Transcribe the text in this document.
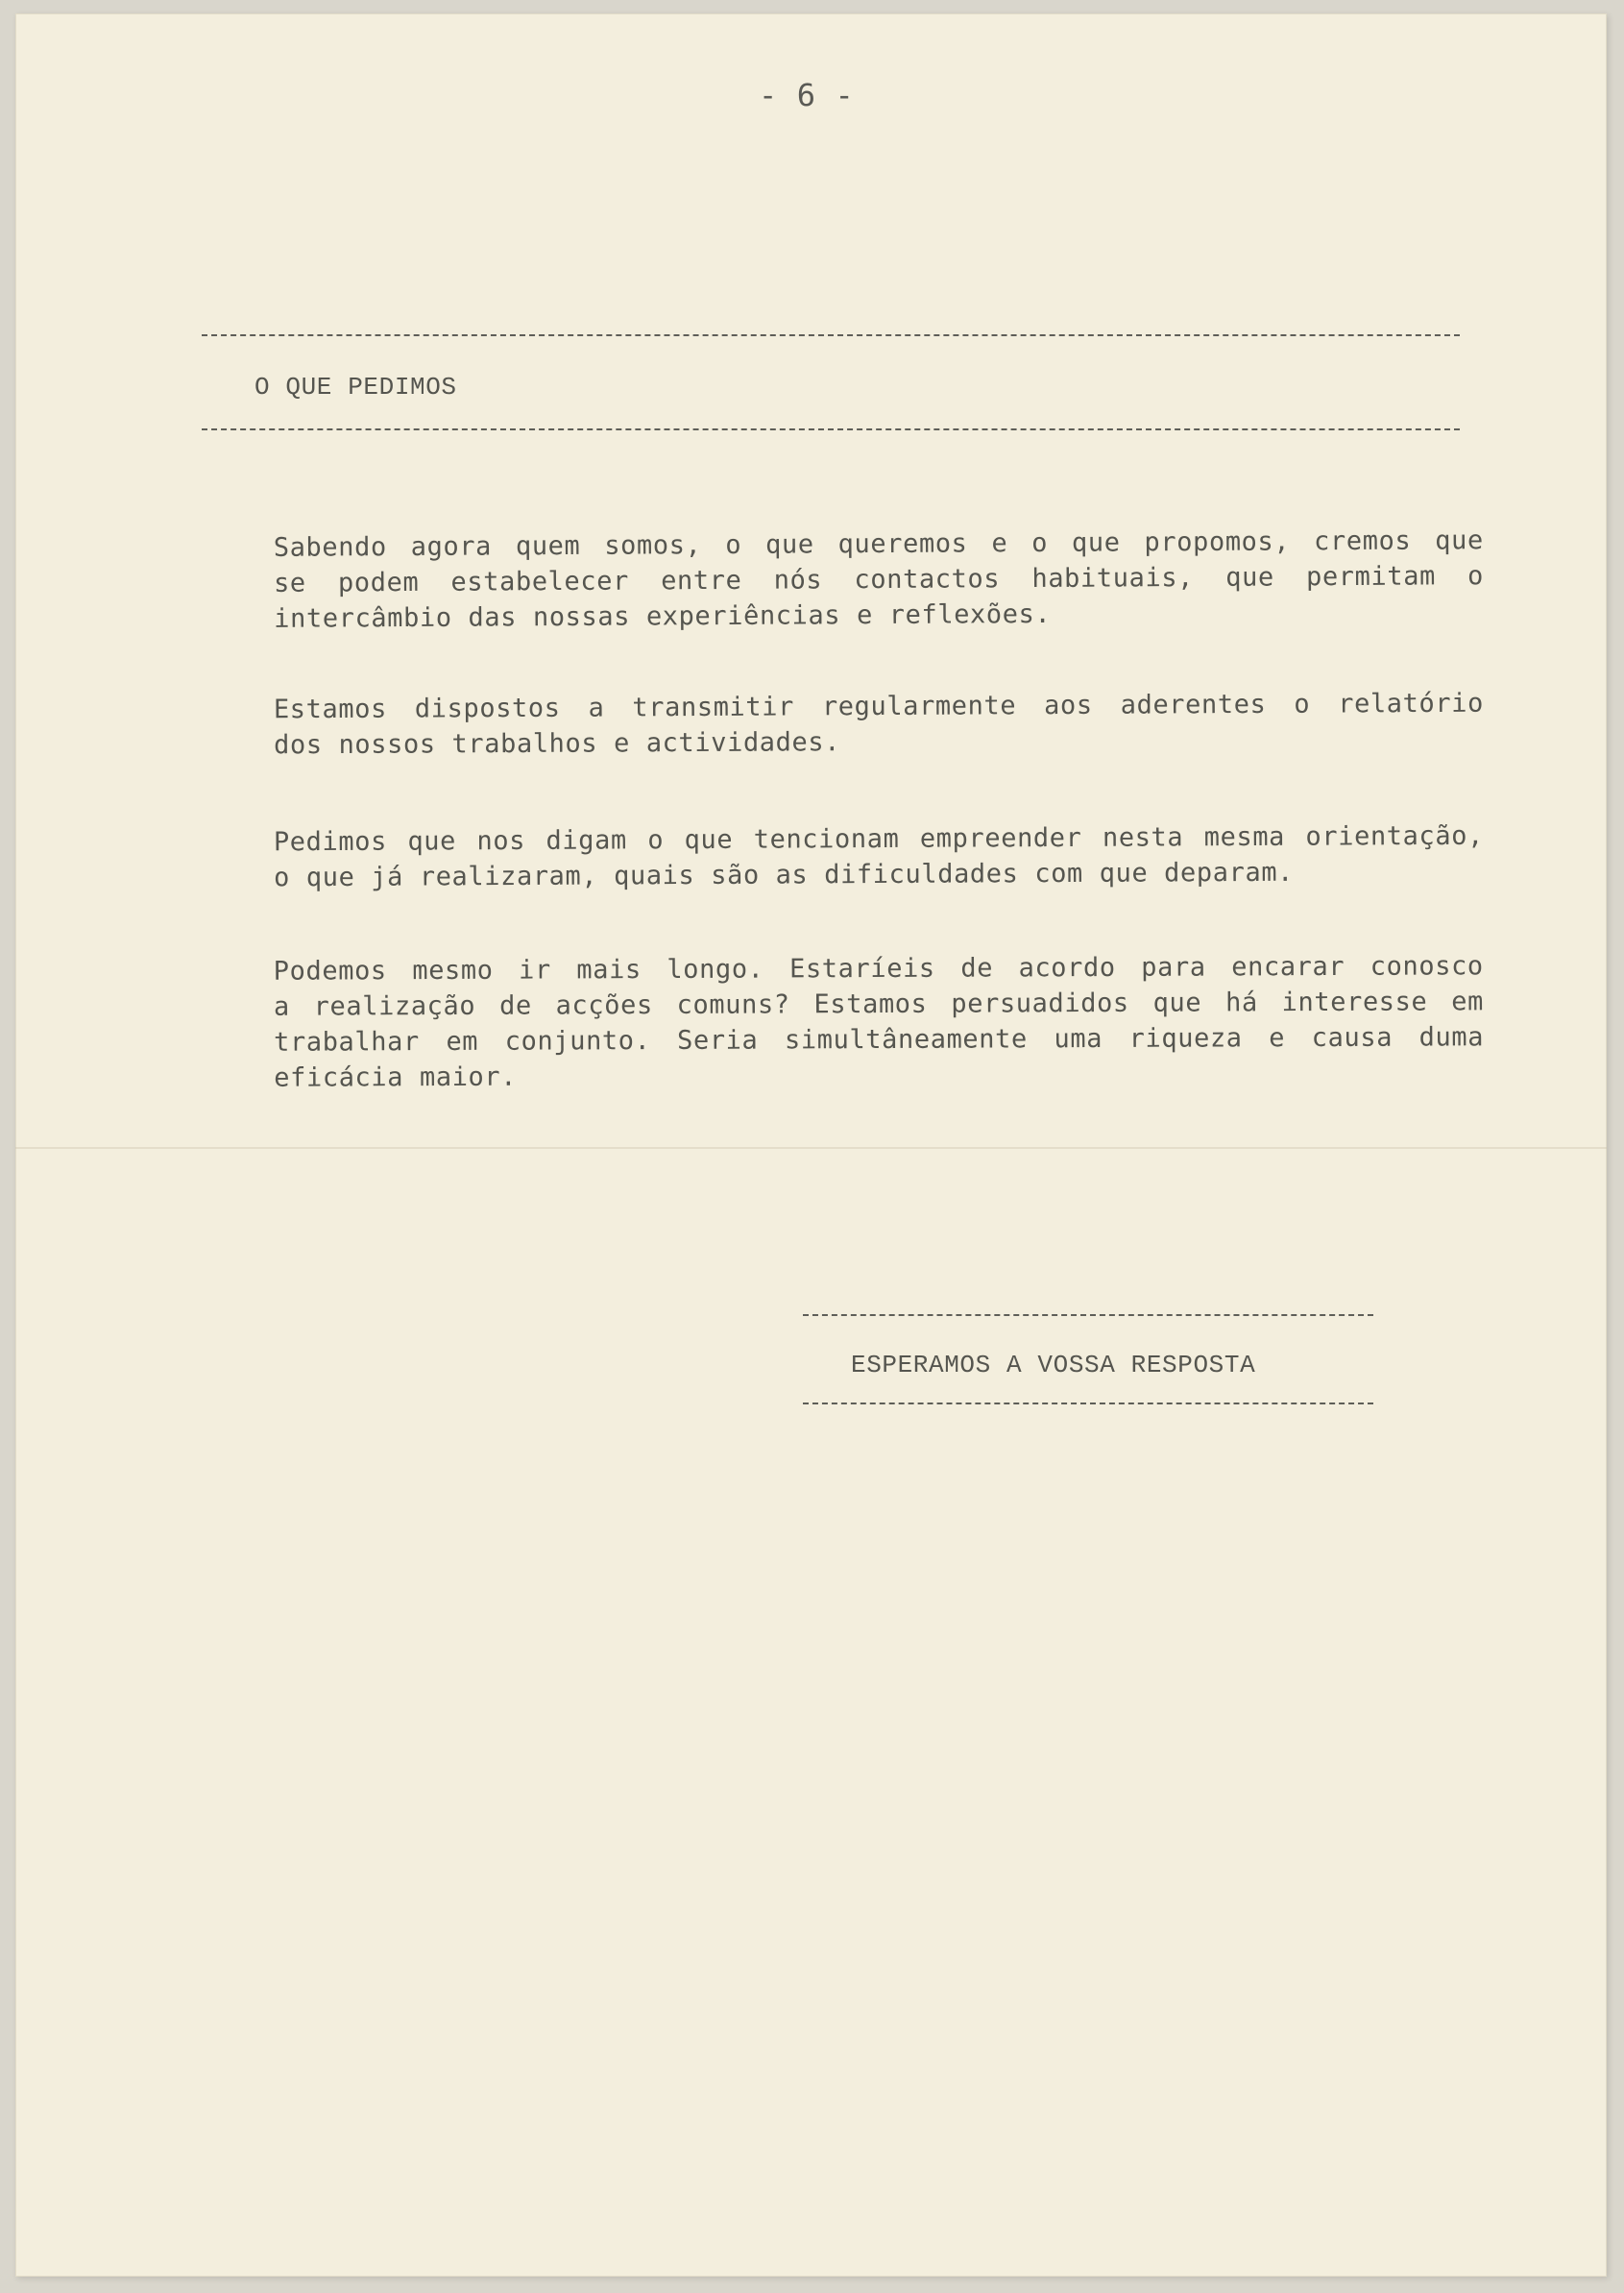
- 6 -
O QUE PEDIMOS
Sabendo agora quem somos, o que queremos e o que propomos, cremos que
se podem estabelecer entre nós contactos habituais, que permitam o
intercâmbio das nossas experiências e reflexões.
Estamos dispostos a transmitir regularmente aos aderentes o relatório
dos nossos trabalhos e actividades.
Pedimos que nos digam o que tencionam empreender nesta mesma orientação,
o que já realizaram, quais são as dificuldades com que deparam.
Podemos mesmo ir mais longo. Estaríeis de acordo para encarar conosco
a realização de acções comuns? Estamos persuadidos que há interesse em
trabalhar em conjunto. Seria simultâneamente uma riqueza e causa duma
eficácia maior.
ESPERAMOS A VOSSA RESPOSTA
